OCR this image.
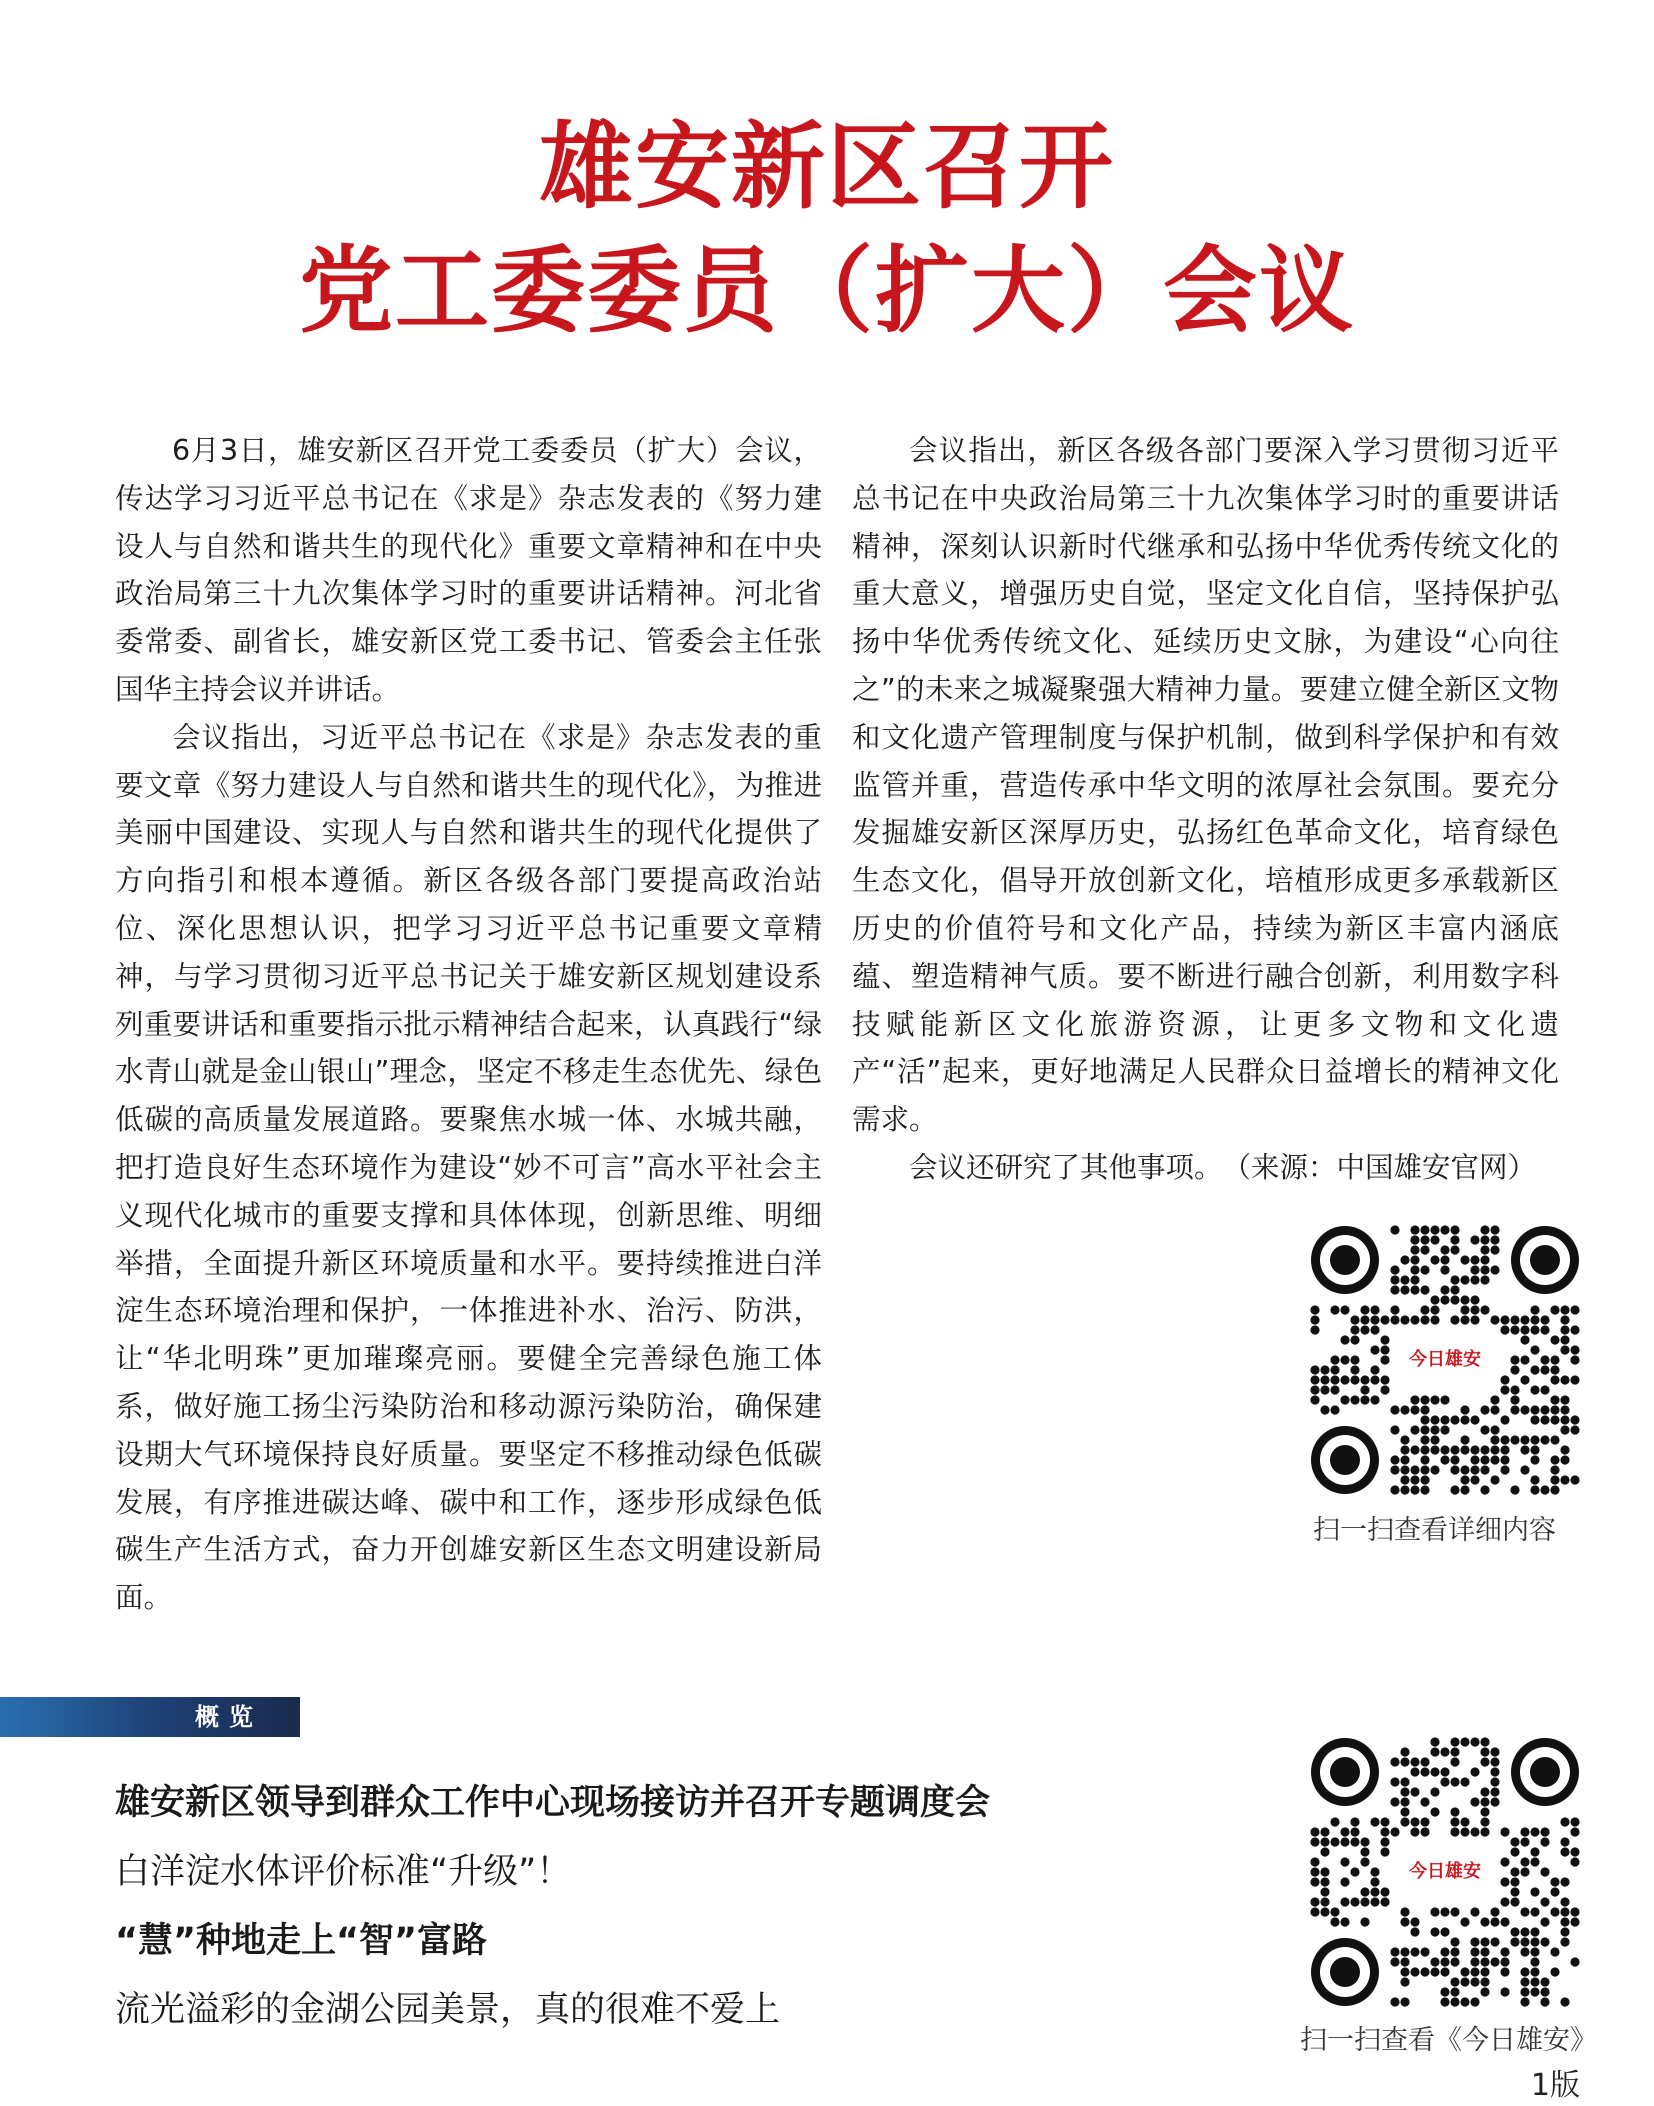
雄安新区召开
党工委委员（扩大）会议

6月3日，雄安新区召开党工委委员（扩大）会议，传达学习习近平总书记在《求是》杂志发表的《努力建设人与自然和谐共生的现代化》重要文章精神和在中央政治局第三十九次集体学习时的重要讲话精神。河北省委常委、副省长，雄安新区党工委书记、管委会主任张国华主持会议并讲话。

会议指出，习近平总书记在《求是》杂志发表的重要文章《努力建设人与自然和谐共生的现代化》，为推进美丽中国建设、实现人与自然和谐共生的现代化提供了方向指引和根本遵循。新区各级各部门要提高政治站位、深化思想认识，把学习习近平总书记重要文章精神，与学习贯彻习近平总书记关于雄安新区规划建设系列重要讲话和重要指示批示精神结合起来，认真践行“绿水青山就是金山银山”理念，坚定不移走生态优先、绿色低碳的高质量发展道路。要聚焦水城一体、水城共融，把打造良好生态环境作为建设“妙不可言”高水平社会主义现代化城市的重要支撑和具体体现，创新思维、明细举措，全面提升新区环境质量和水平。要持续推进白洋淀生态环境治理和保护，一体推进补水、治污、防洪，让“华北明珠”更加璀璨亮丽。要健全完善绿色施工体系，做好施工扬尘污染防治和移动源污染防治，确保建设期大气环境保持良好质量。要坚定不移推动绿色低碳发展，有序推进碳达峰、碳中和工作，逐步形成绿色低碳生产生活方式，奋力开创雄安新区生态文明建设新局面。

会议指出，新区各级各部门要深入学习贯彻习近平总书记在中央政治局第三十九次集体学习时的重要讲话精神，深刻认识新时代继承和弘扬中华优秀传统文化的重大意义，增强历史自觉，坚定文化自信，坚持保护弘扬中华优秀传统文化、延续历史文脉，为建设“心向往之”的未来之城凝聚强大精神力量。要建立健全新区文物和文化遗产管理制度与保护机制，做到科学保护和有效监管并重，营造传承中华文明的浓厚社会氛围。要充分发掘雄安新区深厚历史，弘扬红色革命文化，培育绿色生态文化，倡导开放创新文化，培植形成更多承载新区历史的价值符号和文化产品，持续为新区丰富内涵底蕴、塑造精神气质。要不断进行融合创新，利用数字科技赋能新区文化旅游资源，让更多文物和文化遗产“活”起来，更好地满足人民群众日益增长的精神文化需求。

会议还研究了其他事项。　（来源：中国雄安官网）

今日雄安
扫一扫查看详细内容
概览
雄安新区领导到群众工作中心现场接访并召开专题调度会
白洋淀水体评价标准“升级”！
“慧”种地走上“智”富路
流光溢彩的金湖公园美景，真的很难不爱上
今日雄安
扫一扫查看《今日雄安》
1版
